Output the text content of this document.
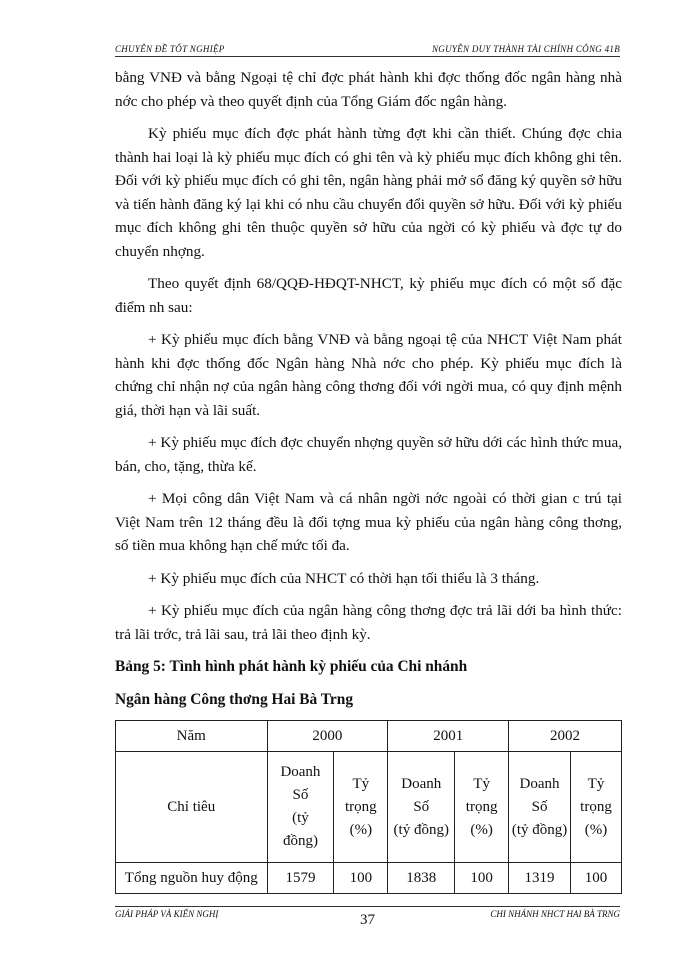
CHUYÊN ĐỀ TỐT NGHIỆP	NGUYỄN DUY THÀNH TÀI CHÍNH CÔNG 41B

bằng VNĐ và bằng Ngoại tệ chỉ đợc phát hành khi đợc thống đốc ngân hàng nhà nớc cho phép và theo quyết định của Tổng Giám đốc ngân hàng.

Kỳ phiếu mục đích đợc phát hành từng đợt khi cần thiết. Chúng đợc chia thành hai loại là kỳ phiếu mục đích có ghi tên và kỳ phiếu mục đích không ghi tên. Đối với kỳ phiếu mục đích có ghi tên, ngân hàng phải mở sổ đăng ký quyền sở hữu và tiến hành đăng ký lại khi có nhu cầu chuyển đổi quyền sở hữu. Đối với kỳ phiếu mục đích không ghi tên thuộc quyền sở hữu của ngời có kỳ phiếu và đợc tự do chuyển nhợng.

Theo quyết định 68/QQĐ-HĐQT-NHCT, kỳ phiếu mục đích có một số đặc điểm nh sau:

+ Kỳ phiếu mục đích bằng VNĐ và bằng ngoại tệ của NHCT Việt Nam phát hành khi đợc thống đốc Ngân hàng Nhà nớc cho phép. Kỳ phiếu mục đích là chứng chỉ nhận nợ của ngân hàng công thơng đối với ngời mua, có quy định mệnh giá, thời hạn và lãi suất.

+ Kỳ phiếu mục đích đợc chuyển nhợng quyền sở hữu dới các hình thức mua, bán, cho, tặng, thừa kế.

+ Mọi công dân Việt Nam và cá nhân ngời nớc ngoài có thời gian c trú tại Việt Nam trên 12 tháng đều là đối tợng mua kỳ phiếu của ngân hàng công thơng, số tiền mua không hạn chế mức tối đa.

+ Kỳ phiếu mục đích của NHCT có thời hạn tối thiểu là 3 tháng.

+ Kỳ phiếu mục đích của ngân hàng công thơng đợc trả lãi dới ba hình thức: trả lãi trớc, trả lãi sau, trả lãi theo định kỳ.

Bảng 5: Tình hình phát hành kỳ phiếu của Chi nhánh

Ngân hàng Công thơng Hai Bà Trng

Năm	2000		2001		2002	
Chỉ tiêu	Doanh
Số
(tỷ
đồng)	Tỷ
trọng
(%)	Doanh
Số
(tỷ đồng)	Tỷ
trọng
(%)	Doanh
Số
(tỷ đồng)	Tỷ
trọng
(%)
Tổng nguồn huy động	1579	100	1838	100	1319	100
GIẢI PHÁP VÀ KIẾN NGHỊ	37	CHI NHÁNH NHCT HAI BÀ TRNG
